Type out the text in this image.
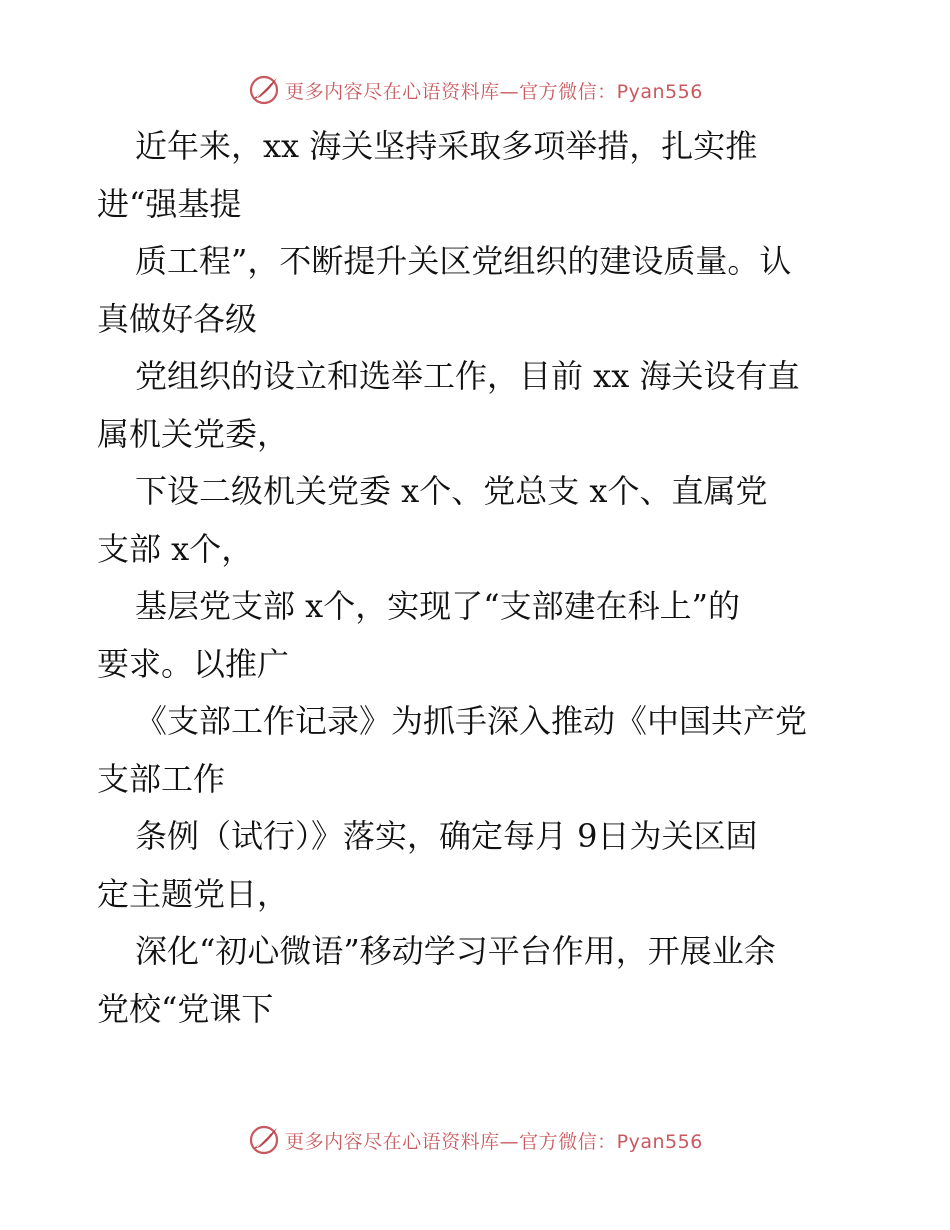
更多内容尽在心语资料库—官方微信：Pyan556
近年来，xx 海关坚持采取多项举措，扎实推
进“强基提
质工程”，不断提升关区党组织的建设质量。认
真做好各级
党组织的设立和选举工作，目前 xx 海关设有直
属机关党委，
下设二级机关党委 x个、党总支 x个、直属党
支部 x个，
基层党支部 x个，实现了“支部建在科上”的
要求。以推广
《支部工作记录》为抓手深入推动《中国共产党
支部工作
条例（试行）》落实，确定每月 9日为关区固
定主题党日，
深化“初心微语”移动学习平台作用，开展业余
党校“党课下
更多内容尽在心语资料库—官方微信：Pyan556
